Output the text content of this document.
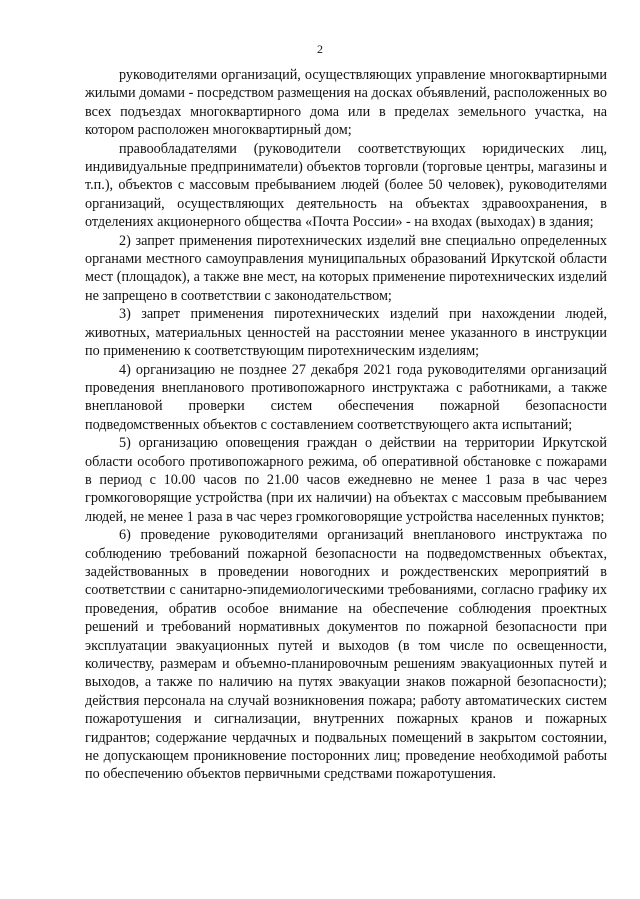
2

руководителями организаций, осуществляющих управление многоквартирными жилыми домами - посредством размещения на досках объявлений, расположенных во всех подъездах многоквартирного дома или в пределах земельного участка, на котором расположен многоквартирный дом;

правообладателями (руководители соответствующих юридических лиц, индивидуальные предприниматели) объектов торговли (торговые центры, магазины и т.п.), объектов с массовым пребыванием людей (более 50 человек), руководителями организаций, осуществляющих деятельность на объектах здравоохранения, в отделениях акционерного общества «Почта России» - на входах (выходах) в здания;

2) запрет применения пиротехнических изделий вне специально определенных органами местного самоуправления муниципальных образований Иркутской области мест (площадок), а также вне мест, на которых применение пиротехнических изделий не запрещено в соответствии с законодательством;

3) запрет применения пиротехнических изделий при нахождении людей, животных, материальных ценностей на расстоянии менее указанного в инструкции по применению к соответствующим пиротехническим изделиям;

4) организацию не позднее 27 декабря 2021 года руководителями организаций проведения внепланового противопожарного инструктажа с работниками, а также внеплановой проверки систем обеспечения пожарной безопасности подведомственных объектов с составлением соответствующего акта испытаний;

5) организацию оповещения граждан о действии на территории Иркутской области особого противопожарного режима, об оперативной обстановке с пожарами в период с 10.00 часов по 21.00 часов ежедневно не менее 1 раза в час через громкоговорящие устройства (при их наличии) на объектах с массовым пребыванием людей, не менее 1 раза в час через громкоговорящие устройства населенных пунктов;

6) проведение руководителями организаций внепланового инструктажа по соблюдению требований пожарной безопасности на подведомственных объектах, задействованных в проведении новогодних и рождественских мероприятий в соответствии с санитарно-эпидемиологическими требованиями, согласно графику их проведения, обратив особое внимание на обеспечение соблюдения проектных решений и требований нормативных документов по пожарной безопасности при эксплуатации эвакуационных путей и выходов (в том числе по освещенности, количеству, размерам и объемно-планировочным решениям эвакуационных путей и выходов, а также по наличию на путях эвакуации знаков пожарной безопасности); действия персонала на случай возникновения пожара; работу автоматических систем пожаротушения и сигнализации, внутренних пожарных кранов и пожарных гидрантов; содержание чердачных и подвальных помещений в закрытом состоянии, не допускающем проникновение посторонних лиц; проведение необходимой работы по обеспечению объектов первичными средствами пожаротушения.
